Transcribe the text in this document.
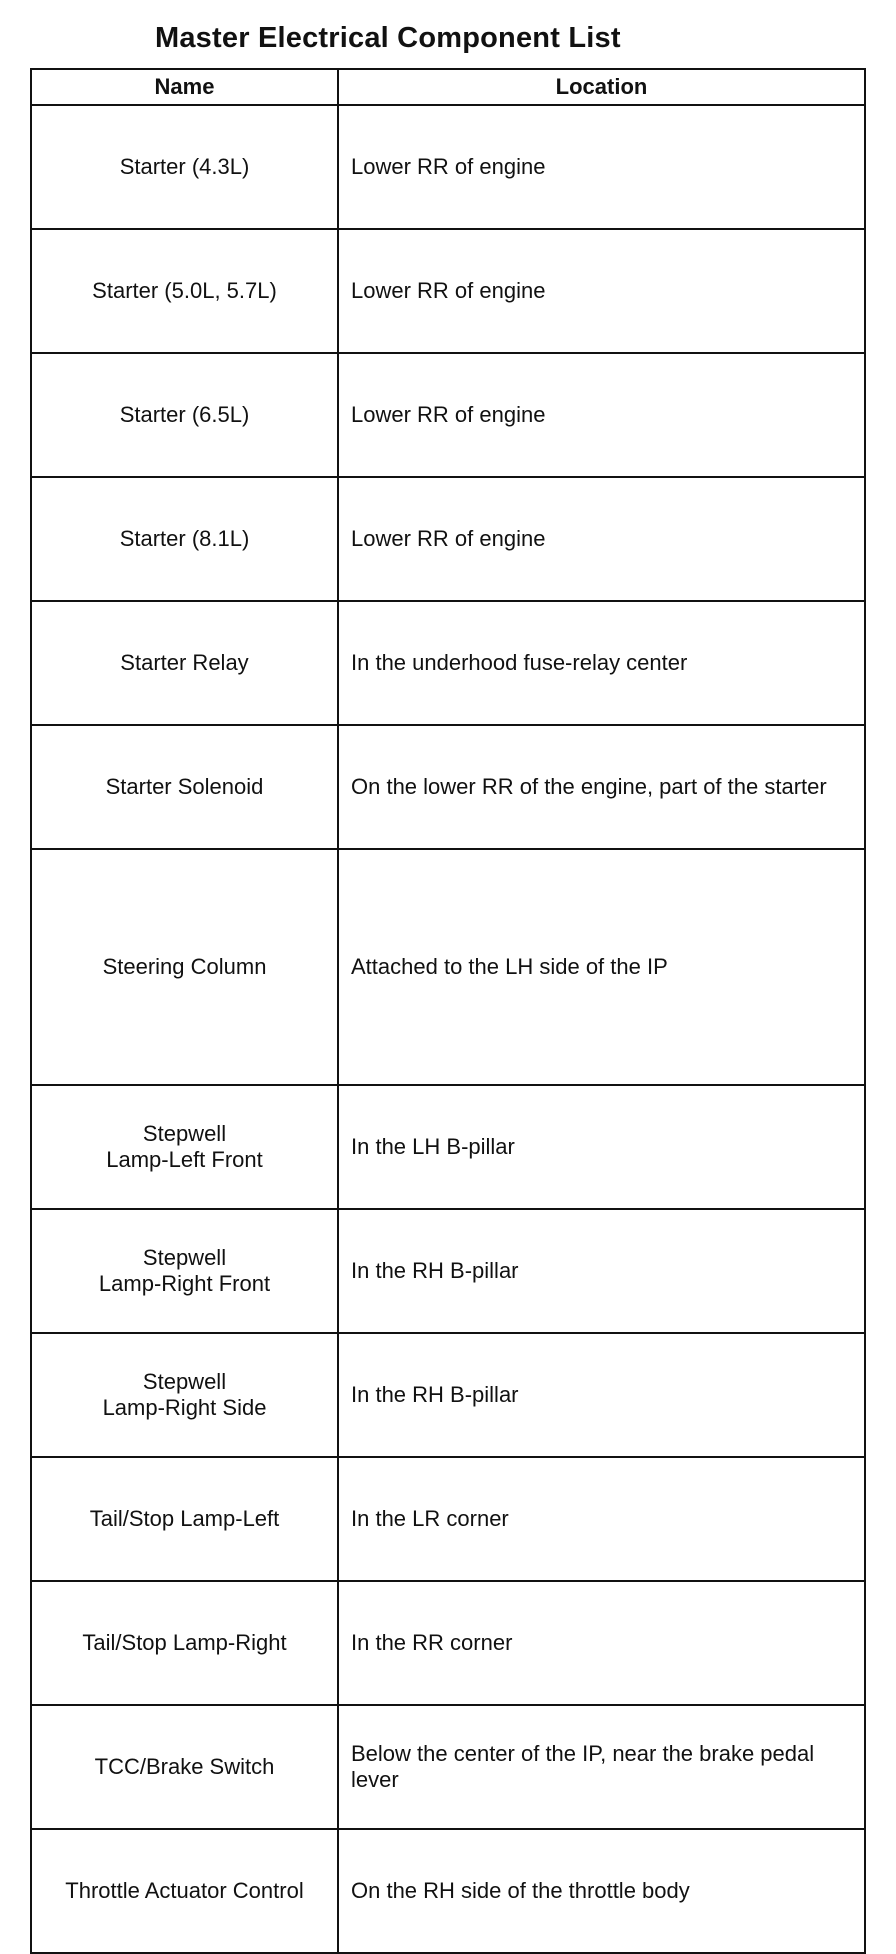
Master Electrical Component List
Name	Location

Starter (4.3L)	Lower RR of engine

Starter (5.0L, 5.7L)	Lower RR of engine

Starter (6.5L)	Lower RR of engine

Starter (8.1L)	Lower RR of engine

Starter Relay	In the underhood fuse-relay center

Starter Solenoid	On the lower RR of the engine, part of the starter

Steering Column	Attached to the LH side of the IP

Stepwell
Lamp-Left Front	In the LH B-pillar

Stepwell
Lamp-Right Front	In the RH B-pillar

Stepwell
Lamp-Right Side	In the RH B-pillar

Tail/Stop Lamp-Left	In the LR corner

Tail/Stop Lamp-Right	In the RR corner

TCC/Brake Switch	Below the center of the IP, near the brake pedal lever

Throttle Actuator Control	On the RH side of the throttle body
